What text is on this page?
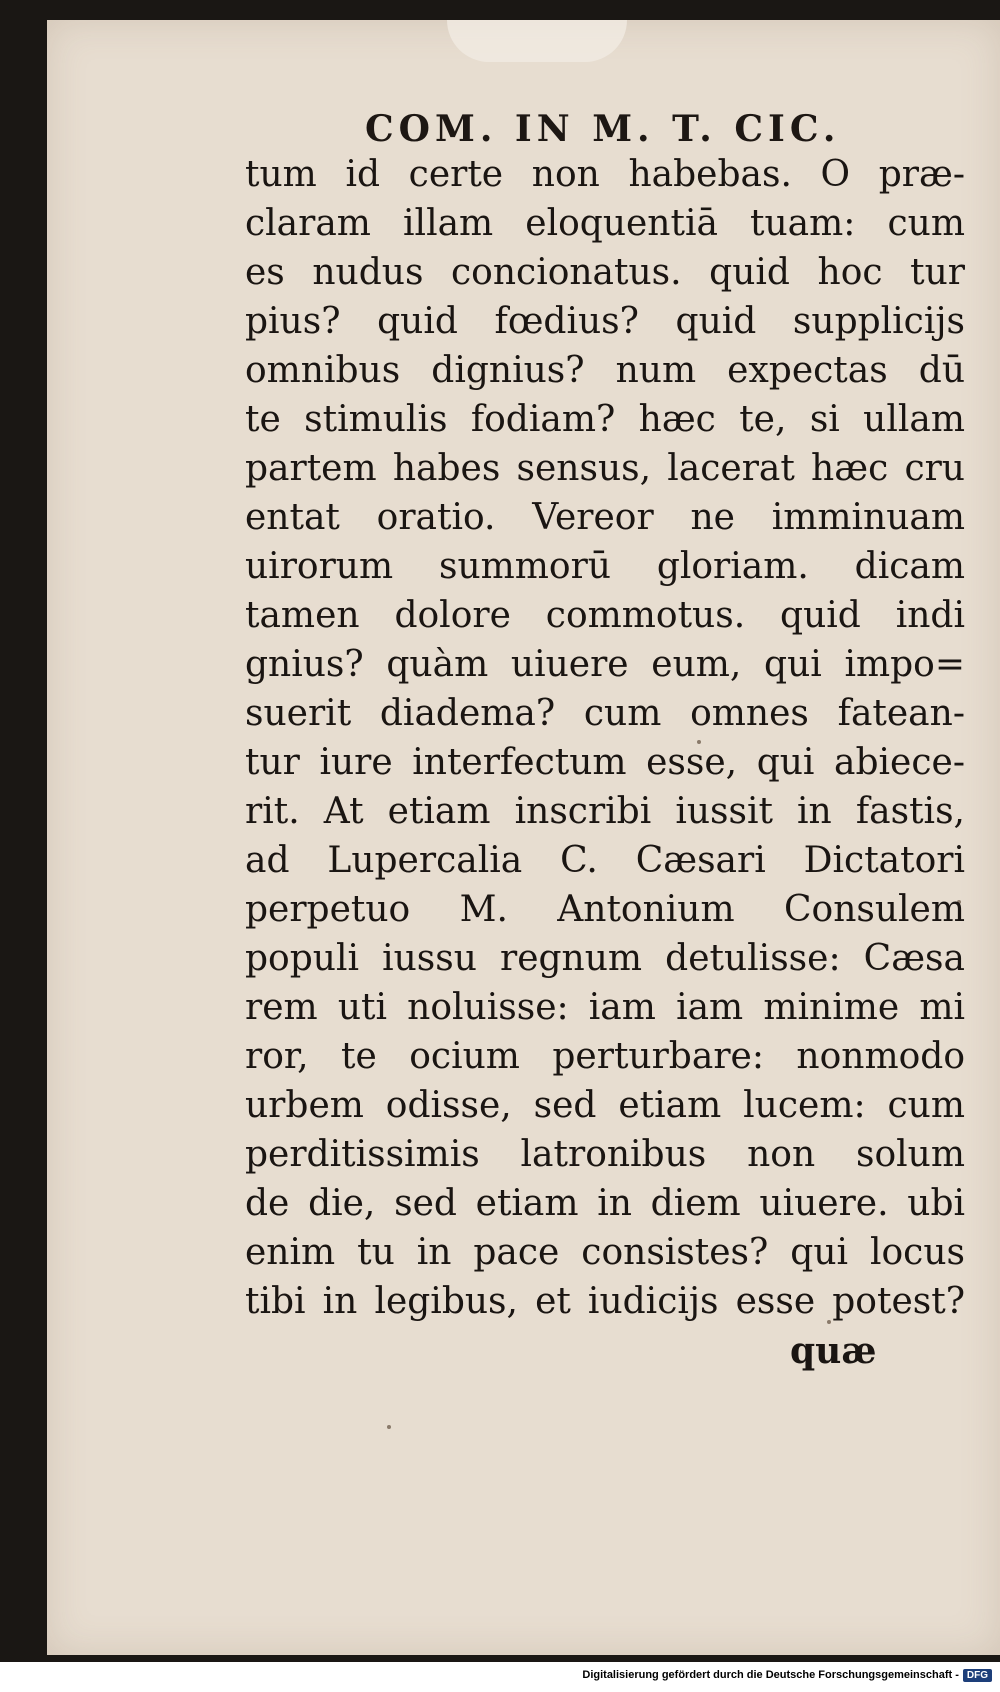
COM. IN M. T. CIC.
tum id certe non habebas. O præ-
claram illam eloquentiā tuam: cum
es nudus concionatus. quid hoc tur
pius? quid fœdius? quid supplicijs
omnibus dignius? num expectas dū
te stimulis fodiam? hæc te, si ullam
partem habes sensus, lacerat hæc cru
entat oratio. Vereor ne imminuam
uirorum summorū gloriam. dicam
tamen dolore commotus. quid indi
gnius? quàm uiuere eum, qui impo=
suerit diadema? cum omnes fatean-
tur iure interfectum esse, qui abiece-
rit. At etiam inscribi iussit in fastis,
ad Lupercalia C. Cæsari Dictatori
perpetuo M. Antonium Consulem
populi iussu regnum detulisse: Cæsa
rem uti noluisse: iam iam minime mi
ror, te ocium perturbare: nonmodo
urbem odisse, sed etiam lucem: cum
perditissimis latronibus non solum
de die, sed etiam in diem uiuere. ubi
enim tu in pace consistes? qui locus
tibi in legibus, et iudicijs esse potest?
quæ
Digitalisierung gefördert durch die Deutsche Forschungsgemeinschaft - DFG
